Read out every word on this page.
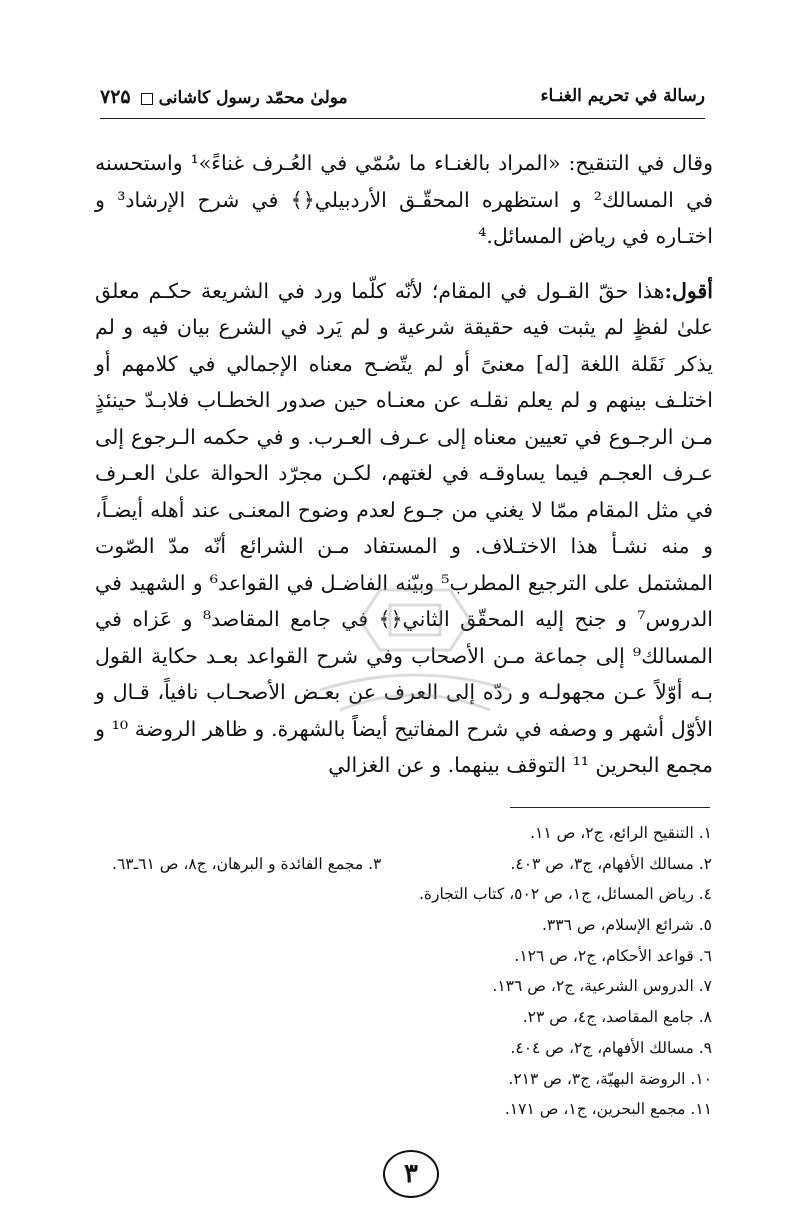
مولیٰ محمّد رسول کاشانی۷۲۵	رسالة في تحريم الغنـاء

وقال في التنقيح: «المراد بالغنـاء ما سُمّي في العُـرف غناءً»¹ واستحسنه في المسالك² و استظهره المحقّـق الأردبيلي﴿﴾ في شرح الإرشاد³ و اختـاره في رياض المسائل.⁴

أقول:هذا حقّ القـول في المقام؛ لأنّه كلّما ورد في الشريعة حكـم معلق علىٰ لفظٍ لم يثبت فيه حقيقة شرعية و لم يَرد في الشرع بيان فيه و لم يذكر نَقَلة اللغة [له] معنىً أو لم يتّضـح معناه الإجمالي في كلامهم أو اختلـف بينهم و لم يعلم نقلـه عن معنـاه حين صدور الخطـاب فلابـدّ حينئذٍ مـن الرجـوع في تعيين معناه إلى عـرف العـرب. و في حكمه الـرجوع إلى عـرف العجـم فيما يساوقـه في لغتهم، لكـن مجرّد الحوالة علىٰ العـرف في مثل المقام ممّا لا يغني من جـوع لعدم وضوح المعنـى عند أهله أيضـاً، و منه نشـأ هذا الاختـلاف. و المستفاد مـن الشرائع أنّه مدّ الصّوت المشتمل على الترجيع المطرب⁵ وبيّنه الفاضـل في القواعد⁶ و الشهيد في الدروس⁷ و جنح إليه المحقّق الثاني﴿﴾ في جامع المقاصد⁸ و عَزاه في المسالك⁹ إلى جماعة مـن الأصحاب وفي شرح القواعد بعـد حكاية القول بـه أوّلاً عـن مجهولـه و ردّه إلى العرف عن بعـض الأصحـاب نافياً، قـال و الأوّل أشهر و وصفه في شرح المفاتيح أيضاً بالشهرة. و ظاهر الروضة ¹⁰ و مجمع البحرين ¹¹ التوقف بينهما. و عن الغزالي

١. التنقيح الرائع، ج٢، ص ١١.
٢. مسالك الأفهام، ج٣، ص ٤٠٣.
٣. مجمع الفائدة و البرهان، ج٨، ص ٦١ـ٦٣.
٤. رياض المسائل، ج١، ص ٥٠٢، كتاب التجارة.
٥. شرائع الإسلام، ص ٣٣٦.
٦. قواعد الأحكام، ج٢، ص ١٢٦.
٧. الدروس الشرعية، ج٢، ص ١٣٦.
٨. جامع المقاصد، ج٤، ص ٢٣.
٩. مسالك الأفهام، ج٢، ص ٤٠٤.
١٠. الروضة البهيّة، ج٣، ص ٢١٣.
١١. مجمع البحرين، ج١، ص ١٧١.
٣
